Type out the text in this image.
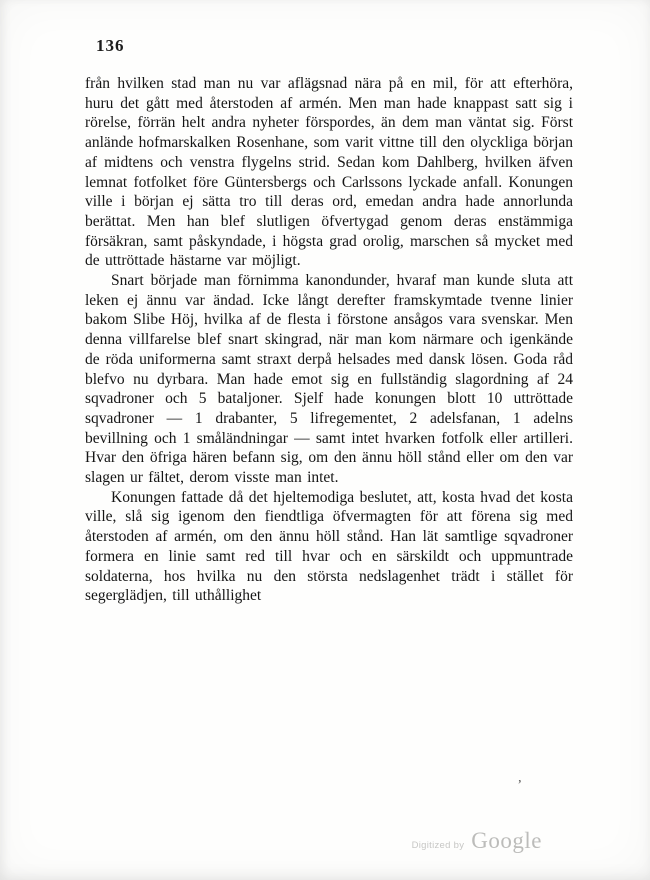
136

från hvilken stad man nu var aflägsnad nära på en mil, för att efterhöra, huru det gått med återstoden af armén. Men man hade knappast satt sig i rörelse, förrän helt andra nyheter förspordes, än dem man väntat sig. Först anlände hofmarskalken Rosenhane, som varit vittne till den olyckliga början af midtens och venstra flygelns strid. Sedan kom Dahlberg, hvilken äfven lemnat fotfolket före Güntersbergs och Carlssons lyckade anfall. Konungen ville i början ej sätta tro till deras ord, emedan andra hade annorlunda berättat. Men han blef slutligen öfvertygad genom deras enstämmiga försäkran, samt påskyndade, i högsta grad orolig, marschen så mycket med de uttröttade hästarne var möjligt.

Snart började man förnimma kanondunder, hvaraf man kunde sluta att leken ej ännu var ändad. Icke långt derefter framskymtade tvenne linier bakom Slibe Höj, hvilka af de flesta i förstone ansågos vara svenskar. Men denna villfarelse blef snart skingrad, när man kom närmare och igenkände de röda uniformerna samt straxt derpå helsades med dansk lösen. Goda råd blefvo nu dyrbara. Man hade emot sig en fullständig slagordning af 24 sqvadroner och 5 bataljoner. Sjelf hade konungen blott 10 uttröttade sqvadroner — 1 drabanter, 5 lifregementet, 2 adelsfanan, 1 adelns bevillning och 1 småländningar — samt intet hvarken fotfolk eller artilleri. Hvar den öfriga hären befann sig, om den ännu höll stånd eller om den var slagen ur fältet, derom visste man intet.

Konungen fattade då det hjeltemodiga beslutet, att, kosta hvad det kosta ville, slå sig igenom den fiendtliga öfvermagten för att förena sig med återstoden af armén, om den ännu höll stånd. Han lät samtlige sqvadroner formera en linie samt red till hvar och en särskildt och uppmuntrade soldaterna, hos hvilka nu den största nedslagenhet trädt i stället för segerglädjen, till uthållighet

’
Digitized by Google
